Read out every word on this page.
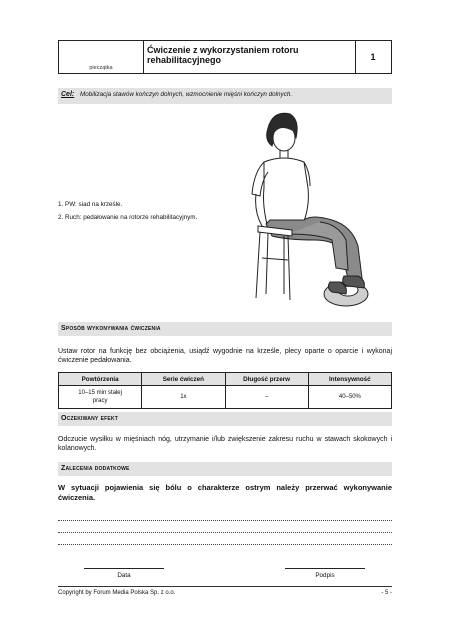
pieczątka
Ćwiczenie z wykorzystaniem rotoru rehabilitacyjnego	1
Cel: Mobilizacja stawów kończyn dolnych, wzmocnienie mięśni kończyn dolnych.
1. PW: siad na krześle.
2. Ruch: pedałowanie na rotorze rehabilitacyjnym.
Sposób wykonywania ćwiczenia
Ustaw rotor na funkcję bez obciążenia, usiądź wygodnie na krześle, plecy oparte o oparcie i wykonaj ćwiczenie pedałowania.
Powtórzenia	Serie ćwiczeń	Długość przerw	Intensywność
10–15 min stałej pracy	1x	–	40–50%
Oczekiwany efekt
Odczucie wysiłku w mięśniach nóg, utrzymanie i/lub zwiększenie zakresu ruchu w stawach skokowych i kolanowych.
Zalecenia dodatkowe
W sytuacji pojawienia się bólu o charakterze ostrym należy przerwać wykonywanie ćwiczenia.
Data	Podpis
Copyright by Forum Media Polska Sp. z o.o.	- 5 -
